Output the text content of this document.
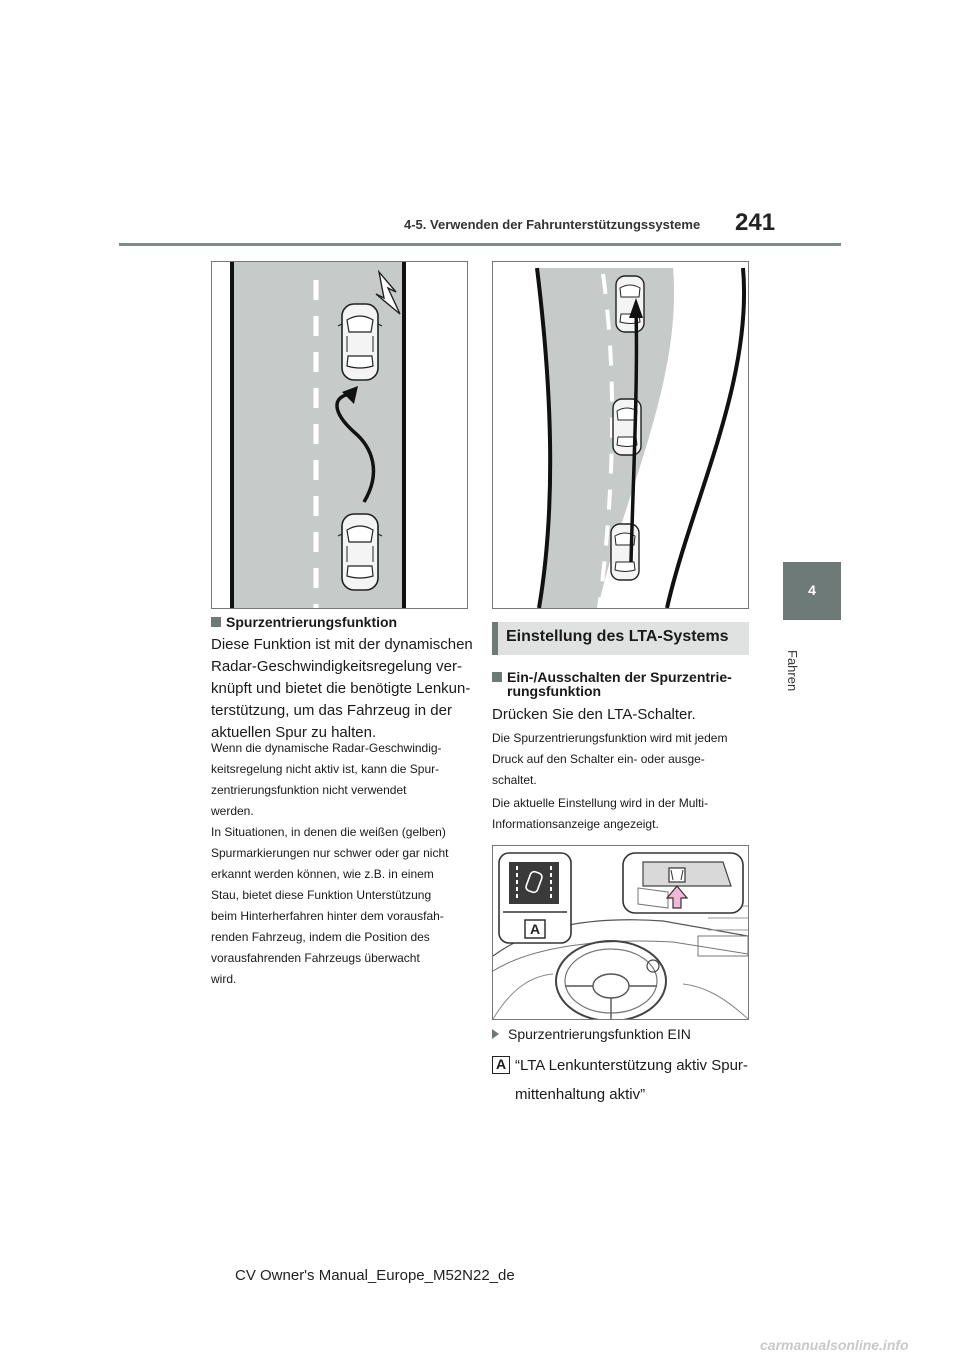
4-5. Verwenden der Fahrunterstützungssysteme 241
4
Fahren
Spurzentrierungsfunktion
Diese Funktion ist mit der dynamischen
Radar-Geschwindigkeitsregelung ver-
knüpft und bietet die benötigte Lenkun-
terstützung, um das Fahrzeug in der
aktuellen Spur zu halten.
Wenn die dynamische Radar-Geschwindig-
keitsregelung nicht aktiv ist, kann die Spur-
zentrierungsfunktion nicht verwendet
werden.
In Situationen, in denen die weißen (gelben)
Spurmarkierungen nur schwer oder gar nicht
erkannt werden können, wie z.B. in einem
Stau, bietet diese Funktion Unterstützung
beim Hinterherfahren hinter dem vorausfah-
renden Fahrzeug, indem die Position des
vorausfahrenden Fahrzeugs überwacht
wird.
Einstellung des LTA-Systems
Ein-/Ausschalten der Spurzentrie-
rungsfunktion
Drücken Sie den LTA-Schalter.
Die Spurzentrierungsfunktion wird mit jedem
Druck auf den Schalter ein- oder ausge-
schaltet.
Die aktuelle Einstellung wird in der Multi-
Informationsanzeige angezeigt.
A
Spurzentrierungsfunktion EIN
A “LTA Lenkunterstützung aktiv Spur-
mittenhaltung aktiv”
CV Owner's Manual_Europe_M52N22_de
carmanualsonline.info
